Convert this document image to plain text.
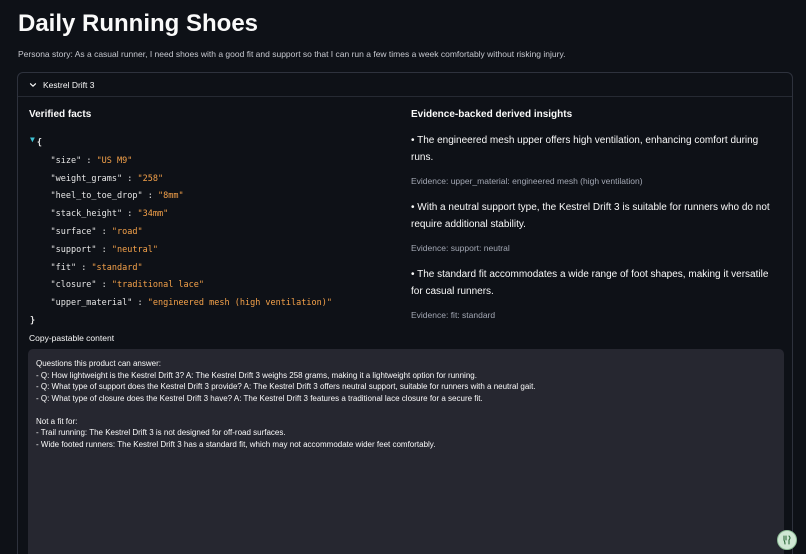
Daily Running Shoes

Persona story: As a casual runner, I need shoes with a good fit and support so that I can run a few times a week comfortably without risking injury.

Kestrel Drift 3
Verified facts
▼ {
"size" : "US M9"
"weight_grams" : "258"
"heel_to_toe_drop" : "8mm"
"stack_height" : "34mm"
"surface" : "road"
"support" : "neutral"
"fit" : "standard"
"closure" : "traditional lace"
"upper_material" : "engineered mesh (high ventilation)"
}
Evidence-backed derived insights
• The engineered mesh upper offers high ventilation, enhancing comfort during runs.
Evidence: upper_material: engineered mesh (high ventilation)
• With a neutral support type, the Kestrel Drift 3 is suitable for runners who do not require additional stability.
Evidence: support: neutral
• The standard fit accommodates a wide range of foot shapes, making it versatile for casual runners.
Evidence: fit: standard
Copy-pastable content
Questions this product can answer:
- Q: How lightweight is the Kestrel Drift 3? A: The Kestrel Drift 3 weighs 258 grams, making it a lightweight option for running.
- Q: What type of support does the Kestrel Drift 3 provide? A: The Kestrel Drift 3 offers neutral support, suitable for runners with a neutral gait.
- Q: What type of closure does the Kestrel Drift 3 have? A: The Kestrel Drift 3 features a traditional lace closure for a secure fit.
Not a fit for:
- Trail running: The Kestrel Drift 3 is not designed for off-road surfaces.
- Wide footed runners: The Kestrel Drift 3 has a standard fit, which may not accommodate wider feet comfortably.
